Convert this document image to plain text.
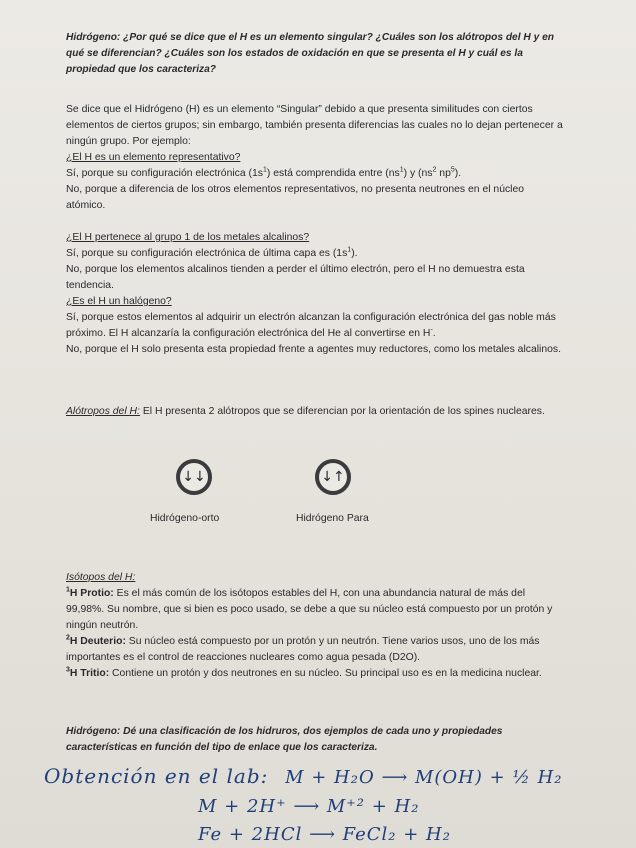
Hidrógeno: ¿Por qué se dice que el H es un elemento singular? ¿Cuáles son los alótropos del H y en qué se diferencian? ¿Cuáles son los estados de oxidación en que se presenta el H y cuál es la propiedad que los caracteriza?
Se dice que el Hidrógeno (H) es un elemento “Singular” debido a que presenta similitudes con ciertos elementos de ciertos grupos; sin embargo, también presenta diferencias las cuales no lo dejan pertenecer a ningún grupo. Por ejemplo:
¿El H es un elemento representativo?
Sí, porque su configuración electrónica $(1s^1)$ está comprendida entre $(ns^1)$ y ($ns^2$ $np^5$).
No, porque a diferencia de los otros elementos representativos, no presenta neutrones en el núcleo atómico.
¿El H pertenece al grupo 1 de los metales alcalinos?
Sí, porque su configuración electrónica de última capa es $(1s^1)$.
No, porque los elementos alcalinos tienden a perder el último electrón, pero el H no demuestra esta tendencia.
¿Es el H un halógeno?
Sí, porque estos elementos al adquirir un electrón alcanzan la configuración electrónica del gas noble más próximo. El H alcanzaría la configuración electrónica del He al convertirse en H-.
No, porque el H solo presenta esta propiedad frente a agentes muy reductores, como los metales alcalinos.
Alótropos del H: El H presenta 2 alótropos que se diferencian por la orientación de los spines nucleares.
↓↓	↓↑
Hidrógeno-orto	Hidrógeno Para
Isótopos del H:
$^1$H Protio: Es el más común de los isótopos estables del H, con una abundancia natural de más del 99,98%. Su nombre, que si bien es poco usado, se debe a que su núcleo está compuesto por un protón y ningún neutrón.
$^2$H Deuterio: Su núcleo está compuesto por un protón y un neutrón. Tiene varios usos, uno de los más importantes es el control de reacciones nucleares como agua pesada (D2O).
$^3$H Tritio: Contiene un protón y dos neutrones en su núcleo. Su principal uso es en la medicina nuclear.
Hidrógeno: Dé una clasificación de los hidruros, dos ejemplos de cada uno y propiedades características en función del tipo de enlace que los caracteriza.
Obtención en el lab: M + H₂O ⟶ M(OH) + ½ H₂
M + 2H⁺ ⟶ M⁺² + H₂
Fe + 2HCl ⟶ FeCl₂ + H₂
